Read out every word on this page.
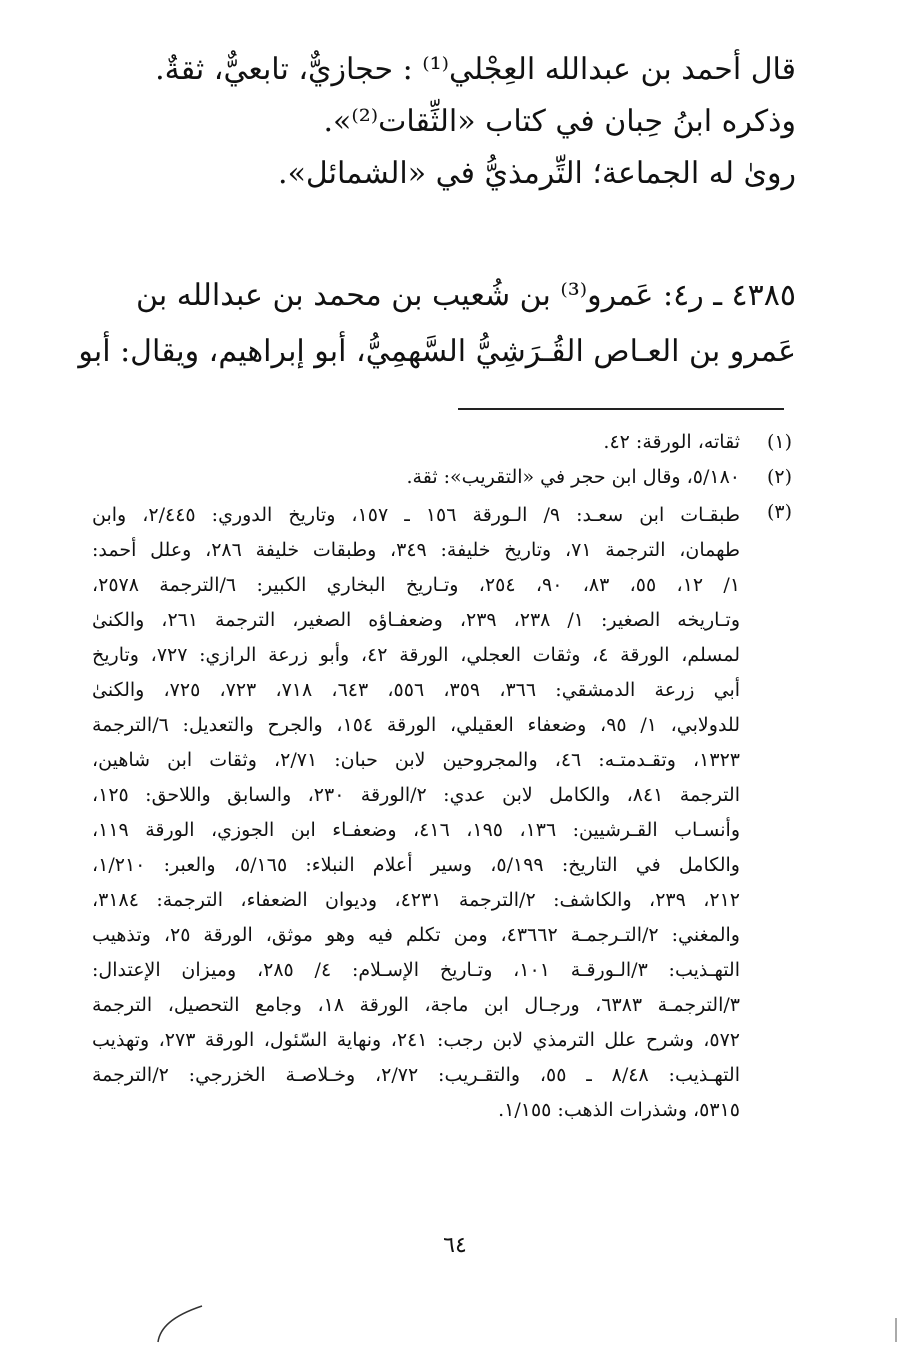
قال أحمد بن عبدالله العِجْلي⁽¹⁾ : حجازيٌّ، تابعيٌّ، ثقةٌ.

وذكره ابنُ حِبان في كتاب «الثِّقات⁽²⁾».

روىٰ له الجماعة؛ التِّرمذيُّ في «الشمائل».

٤٣٨٥ ـ ر٤: عَمرو⁽³⁾ بن شُعيب بن محمد بن عبدالله بن

عَمرو بن العـاص القُـرَشِيُّ السَّهمِيُّ، أبو إبراهيم، ويقال: أبو

(١)
ثقاته، الورقة: ٤٢.
(٢)
٥/١٨٠، وقال ابن حجر في «التقريب»: ثقة.
(٣)
طبقـات ابن سعـد: ٩/ الـورقة ١٥٦ ـ ١٥٧، وتاريخ الدوري: ٢/٤٤٥، وابن
طهمان، الترجمة ٧١، وتاريخ خليفة: ٣٤٩، وطبقات خليفة ٢٨٦، وعلل أحمد:
١/ ١٢، ٥٥، ٨٣، ٩٠، ٢٥٤، وتـاريخ البخاري الكبير: ٦/الترجمة ٢٥٧٨،
وتـاريخه الصغير: ١/ ٢٣٨، ٢٣٩، وضعفـاؤه الصغير، الترجمة ٢٦١، والكنىٰ
لمسلم، الورقة ٤، وثقات العجلي، الورقة ٤٢، وأبو زرعة الرازي: ٧٢٧، وتاريخ
أبي زرعة الدمشقي: ٣٦٦، ٣٥٩، ٥٥٦، ٦٤٣، ٧١٨، ٧٢٣، ٧٢٥، والكنىٰ
للدولابي، ١/ ٩٥، وضعفاء العقيلي، الورقة ١٥٤، والجرح والتعديل: ٦/الترجمة
١٣٢٣، وتقـدمتـه: ٤٦، والمجروحين لابن حبان: ٢/٧١، وثقات ابن شاهين،
الترجمة ٨٤١، والكامل لابن عدي: ٢/الورقة ٢٣٠، والسابق واللاحق: ١٢٥،
وأنسـاب القـرشيين: ١٣٦، ١٩٥، ٤١٦، وضعفـاء ابن الجوزي، الورقة ١١٩،
والكامل في التاريخ: ٥/١٩٩، وسير أعلام النبلاء: ٥/١٦٥، والعبر: ١/٢١٠،
٢١٢، ٢٣٩، والكاشف: ٢/الترجمة ٤٢٣١، وديوان الضعفاء، الترجمة: ٣١٨٤،
والمغني: ٢/التـرجمـة ٤٣٦٦٢، ومن تكلم فيه وهو موثق، الورقة ٢٥، وتذهيب
التهـذيب: ٣/الـورقـة ١٠١، وتـاريخ الإسـلام: ٤/ ٢٨٥، وميزان الإعتدال:
٣/الترجمـة ٦٣٨٣، ورجـال ابن ماجة، الورقة ١٨، وجامع التحصيل، الترجمة
٥٧٢، وشرح علل الترمذي لابن رجب: ٢٤١، ونهاية السّئول، الورقة ٢٧٣، وتهذيب
التهـذيب: ٨/٤٨ ـ ٥٥، والتقـريب: ٢/٧٢، وخـلاصـة الخزرجي: ٢/الترجمة
٥٣١٥، وشذرات الذهب: ١/١٥٥.
٦٤
